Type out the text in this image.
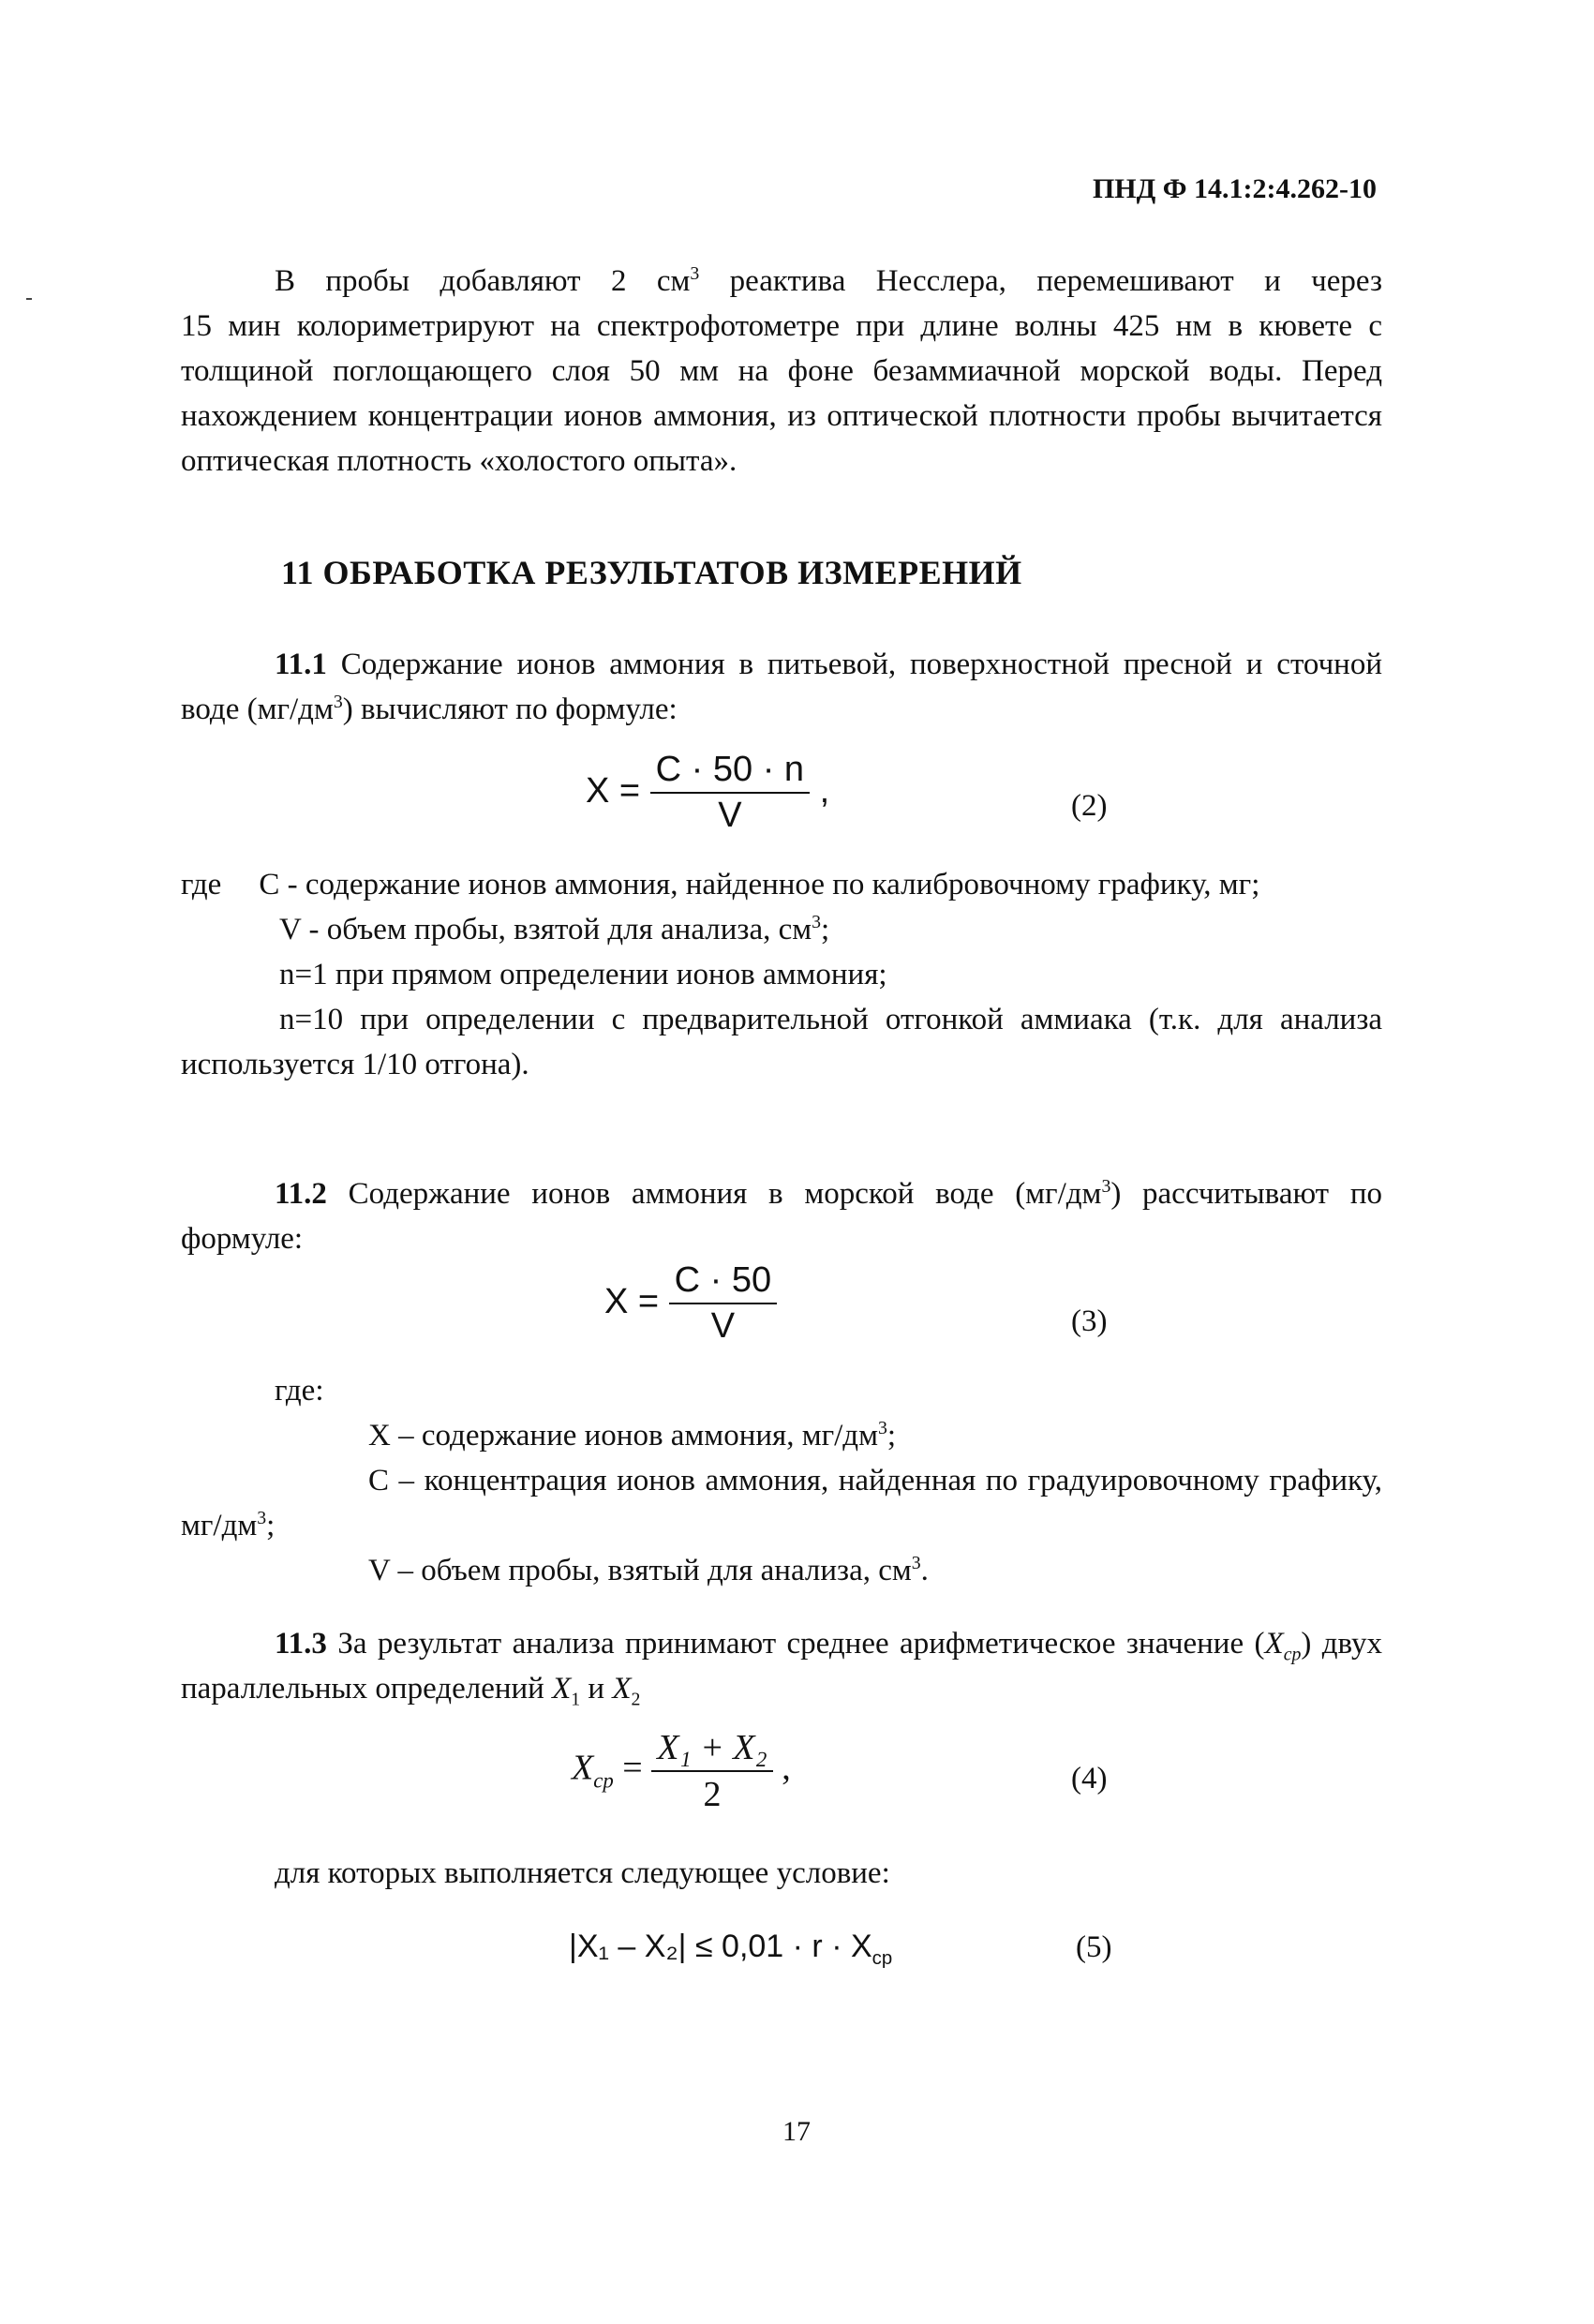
ПНД Ф 14.1:2:4.262-10
В пробы добавляют 2 $см^3$ реактива Несслера, перемешивают и через
15 мин колориметрируют на спектрофотометре при длине волны 425 нм в кювете с толщиной поглощающего слоя 50 мм на фоне безаммиачной морской воды. Перед нахождением концентрации ионов аммония, из оптической плотности пробы вычитается оптическая плотность «холостого опыта».
11 ОБРАБОТКА РЕЗУЛЬТАТОВ ИЗМЕРЕНИЙ
11.1 Содержание ионов аммония в питьевой, поверхностной пресной и сточной воде $(мг/дм^3)$ вычисляют по формуле:
$X = \frac{C \cdot 50 \cdot n}{V}$ ,	(2)
где C - содержание ионов аммония, найденное по калибровочному графику, мг;
V - объем пробы, взятой для анализа, $см^3$;
n=1 при прямом определении ионов аммония;
n=10 при определении с предварительной отгонкой аммиака (т.к. для анализа используется 1/10 отгона).
11.2 Содержание ионов аммония в морской воде $(мг/дм^3)$ рассчитывают по формуле:
$X = \frac{C \cdot 50}{V}$	(3)
где:
X – содержание ионов аммония, $мг/дм^3$;
C – концентрация ионов аммония, найденная по градуировочному графику, $мг/дм^3$;
V – объем пробы, взятый для анализа, $см^3$.
11.3 За результат анализа принимают среднее арифметическое значение $(X_{cp})$ двух параллельных определений $X_1$ и $X_2$
$X_{cp} = \frac{\text{X₁ + X₂}}{2}$ ,	(4)
для которых выполняется следующее условие:
$|X_1 - X_2| \le 0,01 \cdot r \cdot X_{cp}$	(5)
17
